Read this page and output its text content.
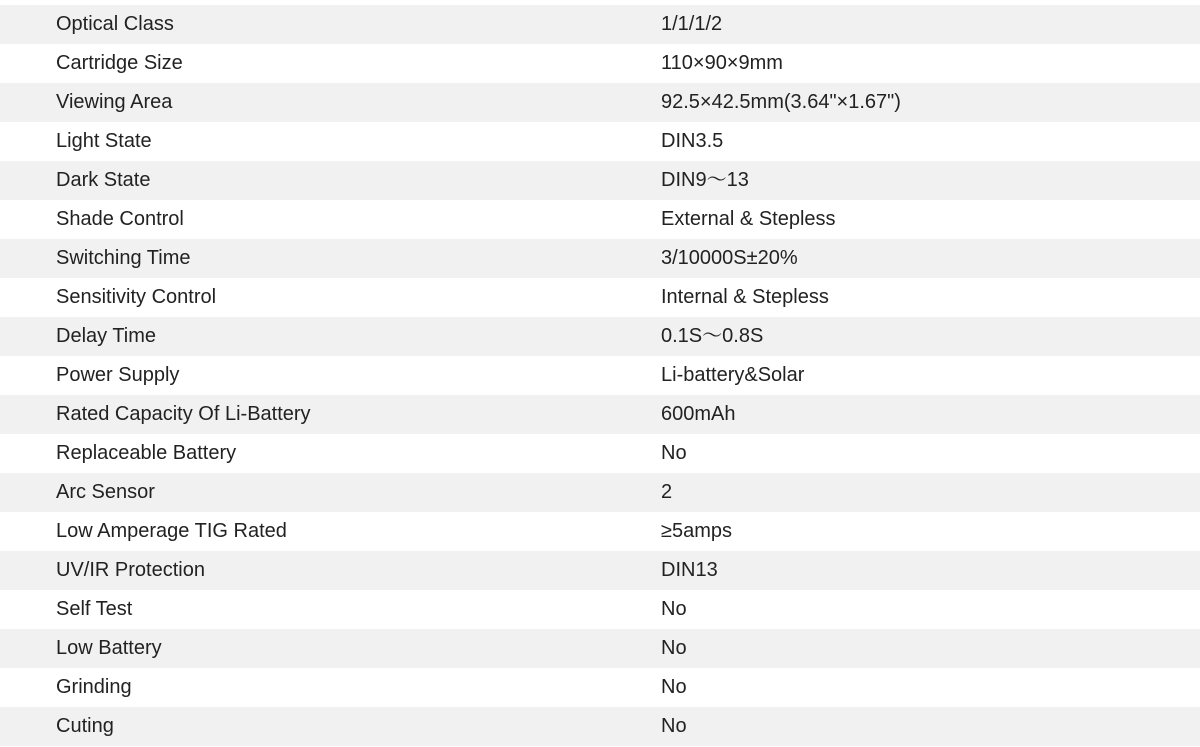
Optical Class	1/1/1/2
Cartridge Size	110×90×9mm
Viewing Area	92.5×42.5mm(3.64"×1.67")
Light State	DIN3.5
Dark State	DIN9～13
Shade Control	External & Stepless
Switching Time	3/10000S±20%
Sensitivity Control	Internal & Stepless
Delay Time	0.1S～0.8S
Power Supply	Li-battery&Solar
Rated Capacity Of Li-Battery	600mAh
Replaceable Battery	No
Arc Sensor	2
Low Amperage TIG Rated	≥5amps
UV/IR Protection	DIN13
Self Test	No
Low Battery	No
Grinding	No
Cuting	No
